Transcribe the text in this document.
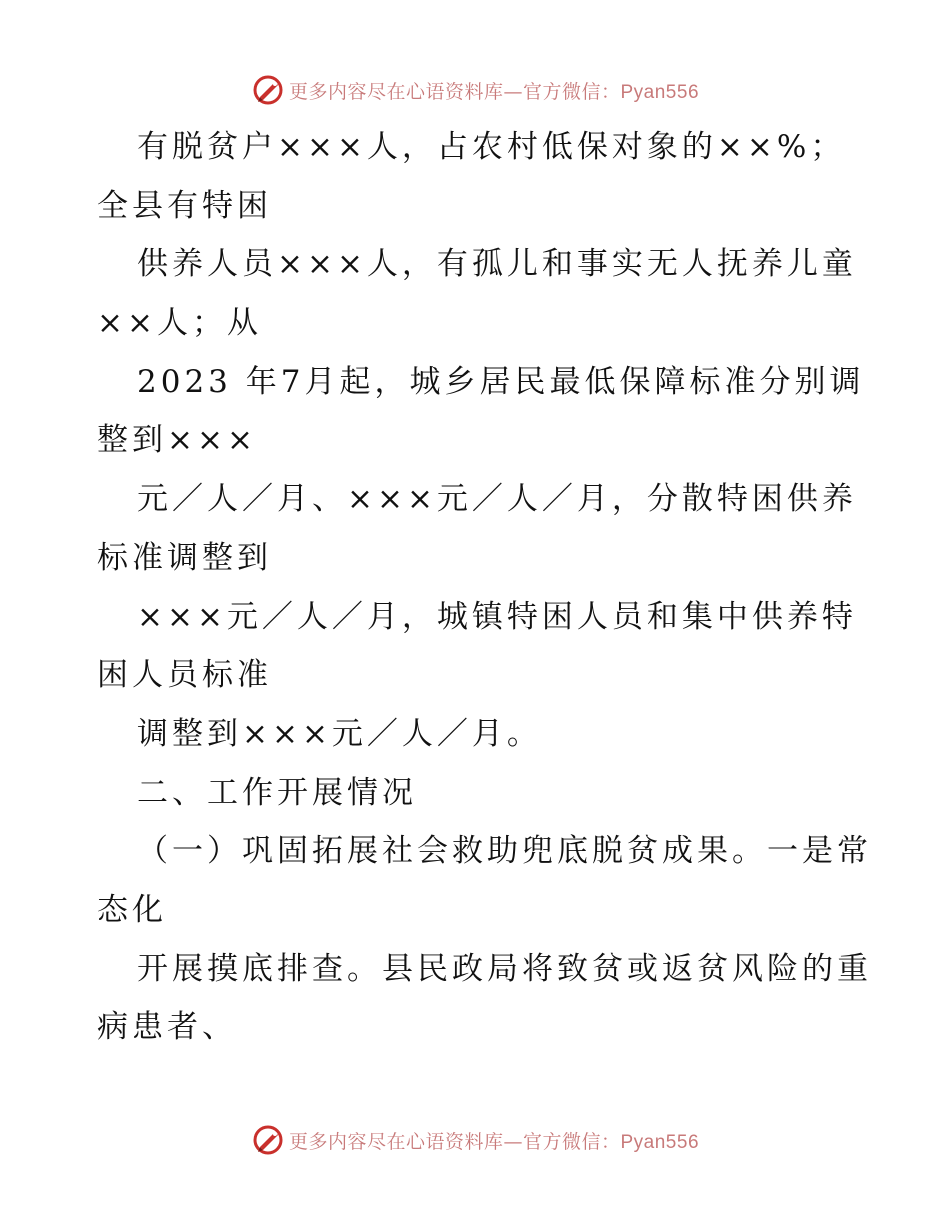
更多内容尽在心语资料库—官方微信：Pyan556
有脱贫户×××人，占农村低保对象的××%；
全县有特困
供养人员×××人，有孤儿和事实无人抚养儿童
××人；从
2023 年7月起，城乡居民最低保障标准分别调
整到×××
元／人／月、×××元／人／月，分散特困供养
标准调整到
×××元／人／月，城镇特困人员和集中供养特
困人员标准
调整到×××元／人／月。
二、工作开展情况
（一）巩固拓展社会救助兜底脱贫成果。一是常
态化
开展摸底排查。县民政局将致贫或返贫风险的重
病患者、
更多内容尽在心语资料库—官方微信：Pyan556
